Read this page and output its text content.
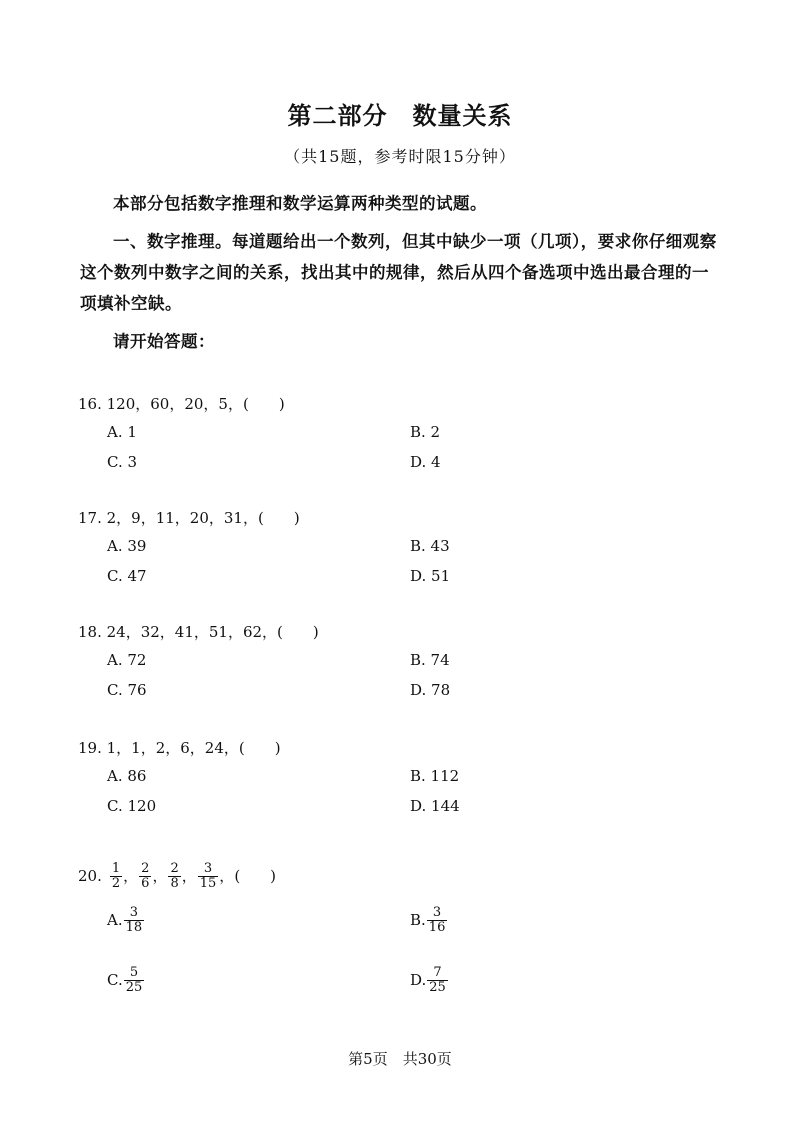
第二部分　数量关系
（共15题，参考时限15分钟）
本部分包括数字推理和数学运算两种类型的试题。
一、数字推理。每道题给出一个数列，但其中缺少一项（几项），要求你仔细观察这个数列中数字之间的关系，找出其中的规律，然后从四个备选项中选出最合理的一项填补空缺。
请开始答题：
16. 120，60，20，5，(　　)
A. 1	B. 2
C. 3	D. 4
17. 2，9，11，20，31，(　　)
A. 39	B. 43
C. 47	D. 51
18. 24，32，41，51，62，(　　)
A. 72	B. 74
C. 76	D. 78
19. 1，1，2，6，24，(　　)
A. 86	B. 112
C. 120	D. 144
20. $\frac{1}{2}$ ， $\frac{2}{6}$ ， $\frac{2}{8}$ ， $\frac{3}{15}$ ， (　　)
A. $\frac{3}{18}$	B. $\frac{3}{16}$
C. $\frac{5}{25}$	D. $\frac{7}{25}$
第5页　共30页
